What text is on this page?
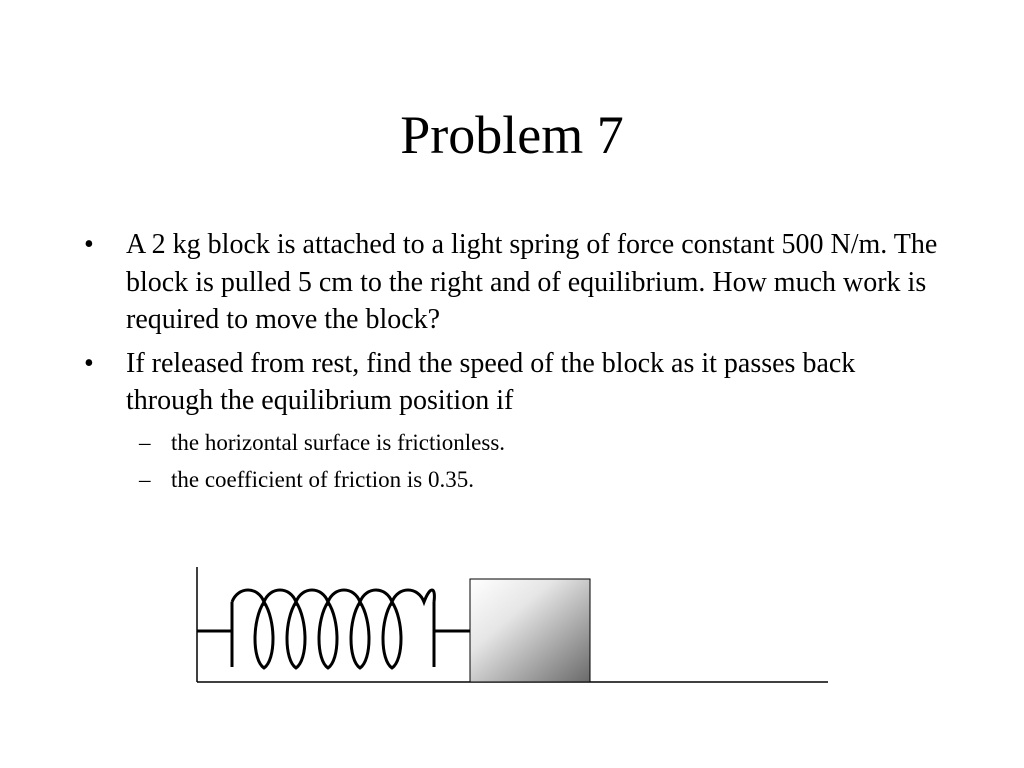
Problem 7
• A 2 kg block is attached to a light spring of force constant 500 N/m. The block is pulled 5 cm to the right and of equilibrium. How much work is required to move the block?
• If released from rest, find the speed of the block as it passes back through the equilibrium position if
– the horizontal surface is frictionless.
– the coefficient of friction is 0.35.
